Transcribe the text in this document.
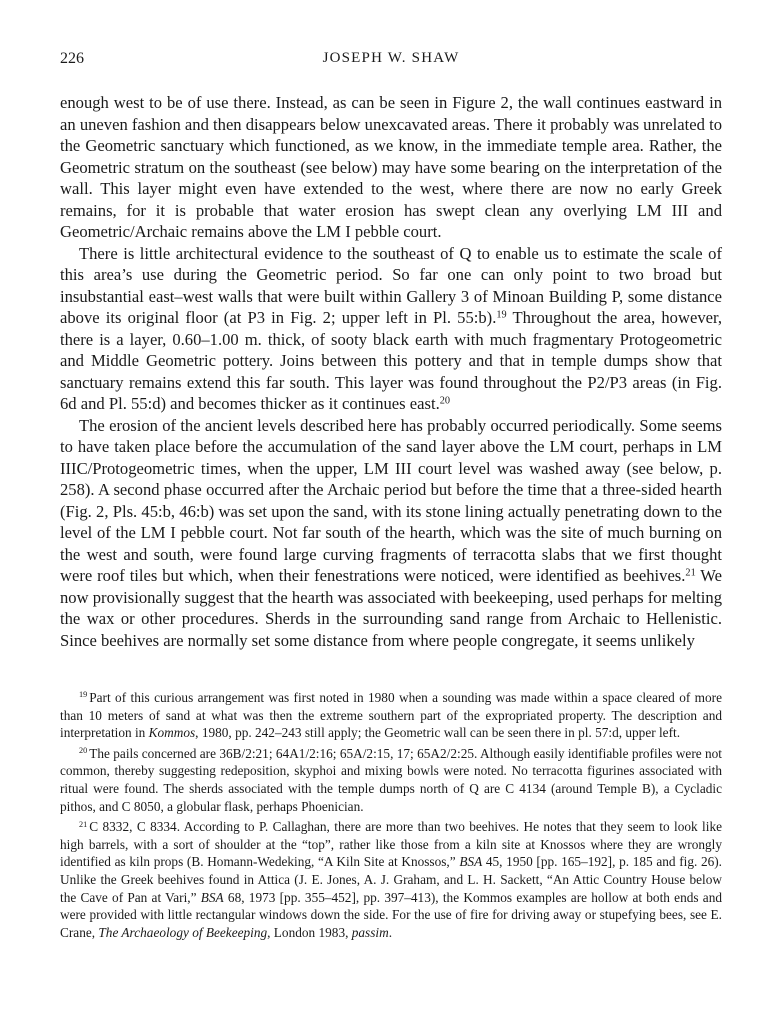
226	JOSEPH W. SHAW

enough west to be of use there. Instead, as can be seen in Figure 2, the wall continues eastward in an uneven fashion and then disappears below unexcavated areas. There it probably was unrelated to the Geometric sanctuary which functioned, as we know, in the immediate temple area. Rather, the Geometric stratum on the southeast (see below) may have some bearing on the interpretation of the wall. This layer might even have extended to the west, where there are now no early Greek remains, for it is probable that water erosion has swept clean any overlying LM III and Geometric/Archaic remains above the LM I pebble court.

There is little architectural evidence to the southeast of Q to enable us to estimate the scale of this area’s use during the Geometric period. So far one can only point to two broad but insubstantial east–west walls that were built within Gallery 3 of Minoan Building P, some distance above its original floor (at P3 in Fig. 2; upper left in Pl. 55:b).$^{19}$ Throughout the area, however, there is a layer, 0.60–1.00 m. thick, of sooty black earth with much fragmentary Protogeometric and Middle Geometric pottery. Joins between this pottery and that in temple dumps show that sanctuary remains extend this far south. This layer was found throughout the P2/P3 areas (in Fig. 6d and Pl. 55:d) and becomes thicker as it continues east.$^{20}$

The erosion of the ancient levels described here has probably occurred periodically. Some seems to have taken place before the accumulation of the sand layer above the LM court, perhaps in LM IIIC/Protogeometric times, when the upper, LM III court level was washed away (see below, p. 258). A second phase occurred after the Archaic period but before the time that a three-sided hearth (Fig. 2, Pls. 45:b, 46:b) was set upon the sand, with its stone lining actually penetrating down to the level of the LM I pebble court. Not far south of the hearth, which was the site of much burning on the west and south, were found large curving fragments of terracotta slabs that we first thought were roof tiles but which, when their fenestrations were noticed, were identified as beehives.$^{21}$ We now provisionally suggest that the hearth was associated with beekeeping, used perhaps for melting the wax or other procedures. Sherds in the surrounding sand range from Archaic to Hellenistic. Since beehives are normally set some distance from where people congregate, it seems unlikely

$^{19}$ Part of this curious arrangement was first noted in 1980 when a sounding was made within a space cleared of more than 10 meters of sand at what was then the extreme southern part of the expropriated property. The description and interpretation in Kommos, 1980, pp. 242–243 still apply; the Geometric wall can be seen there in pl. 57:d, upper left.

$^{20}$ The pails concerned are 36B/2:21; 64A1/2:16; 65A/2:15, 17; 65A2/2:25. Although easily identifiable profiles were not common, thereby suggesting redeposition, skyphoi and mixing bowls were noted. No terracotta figurines associated with ritual were found. The sherds associated with the temple dumps north of Q are C 4134 (around Temple B), a Cycladic pithos, and C 8050, a globular flask, perhaps Phoenician.

$^{21}$ C 8332, C 8334. According to P. Callaghan, there are more than two beehives. He notes that they seem to look like high barrels, with a sort of shoulder at the “top”, rather like those from a kiln site at Knossos where they are wrongly identified as kiln props (B. Homann-Wedeking, “A Kiln Site at Knossos,” BSA 45, 1950 [pp. 165–192], p. 185 and fig. 26). Unlike the Greek beehives found in Attica (J. E. Jones, A. J. Graham, and L. H. Sackett, “An Attic Country House below the Cave of Pan at Vari,” BSA 68, 1973 [pp. 355–452], pp. 397–413), the Kommos examples are hollow at both ends and were provided with little rectangular windows down the side. For the use of fire for driving away or stupefying bees, see E. Crane, The Archaeology of Beekeeping, London 1983, passim.
